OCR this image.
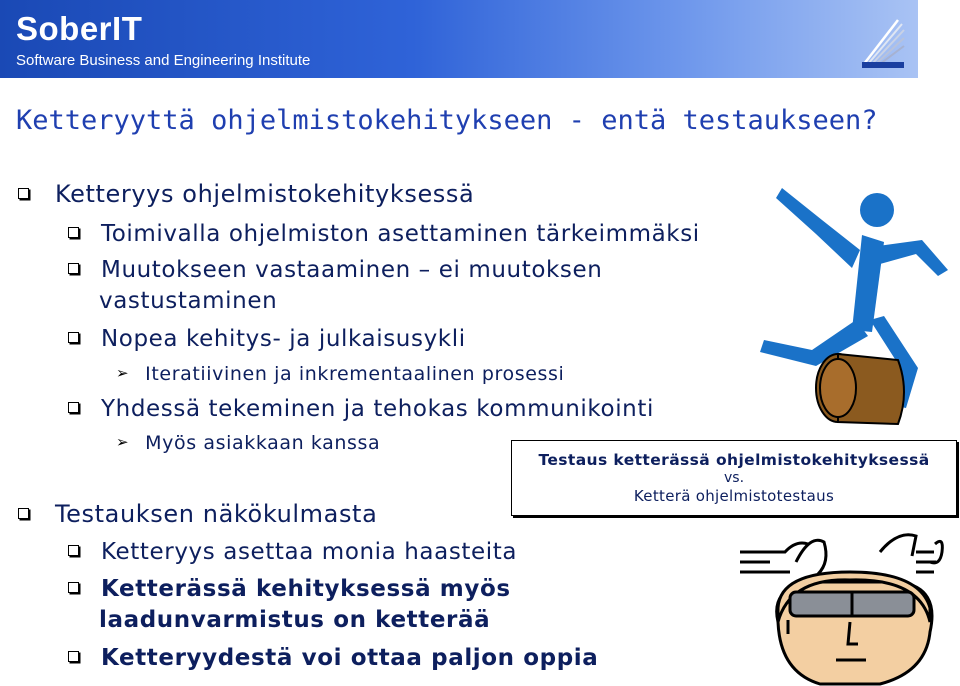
SoberIT
Software Business and Engineering Institute
Ketteryyttä ohjelmistokehitykseen - entä testaukseen?
Ketteryys ohjelmistokehityksessä
Toimivalla ohjelmiston asettaminen tärkeimmäksi
Muutokseen vastaaminen – ei muutoksen
vastustaminen
Nopea kehitys- ja julkaisusykli
➢ Iteratiivinen ja inkrementaalinen prosessi
Yhdessä tekeminen ja tehokas kommunikointi
➢ Myös asiakkaan kanssa
Testauksen näkökulmasta
Ketteryys asettaa monia haasteita
Ketterässä kehityksessä myös
laadunvarmistus on ketterää
Ketteryydestä voi ottaa paljon oppia
Testaus ketterässä ohjelmistokehityksessä
vs.
Ketterä ohjelmistotestaus
